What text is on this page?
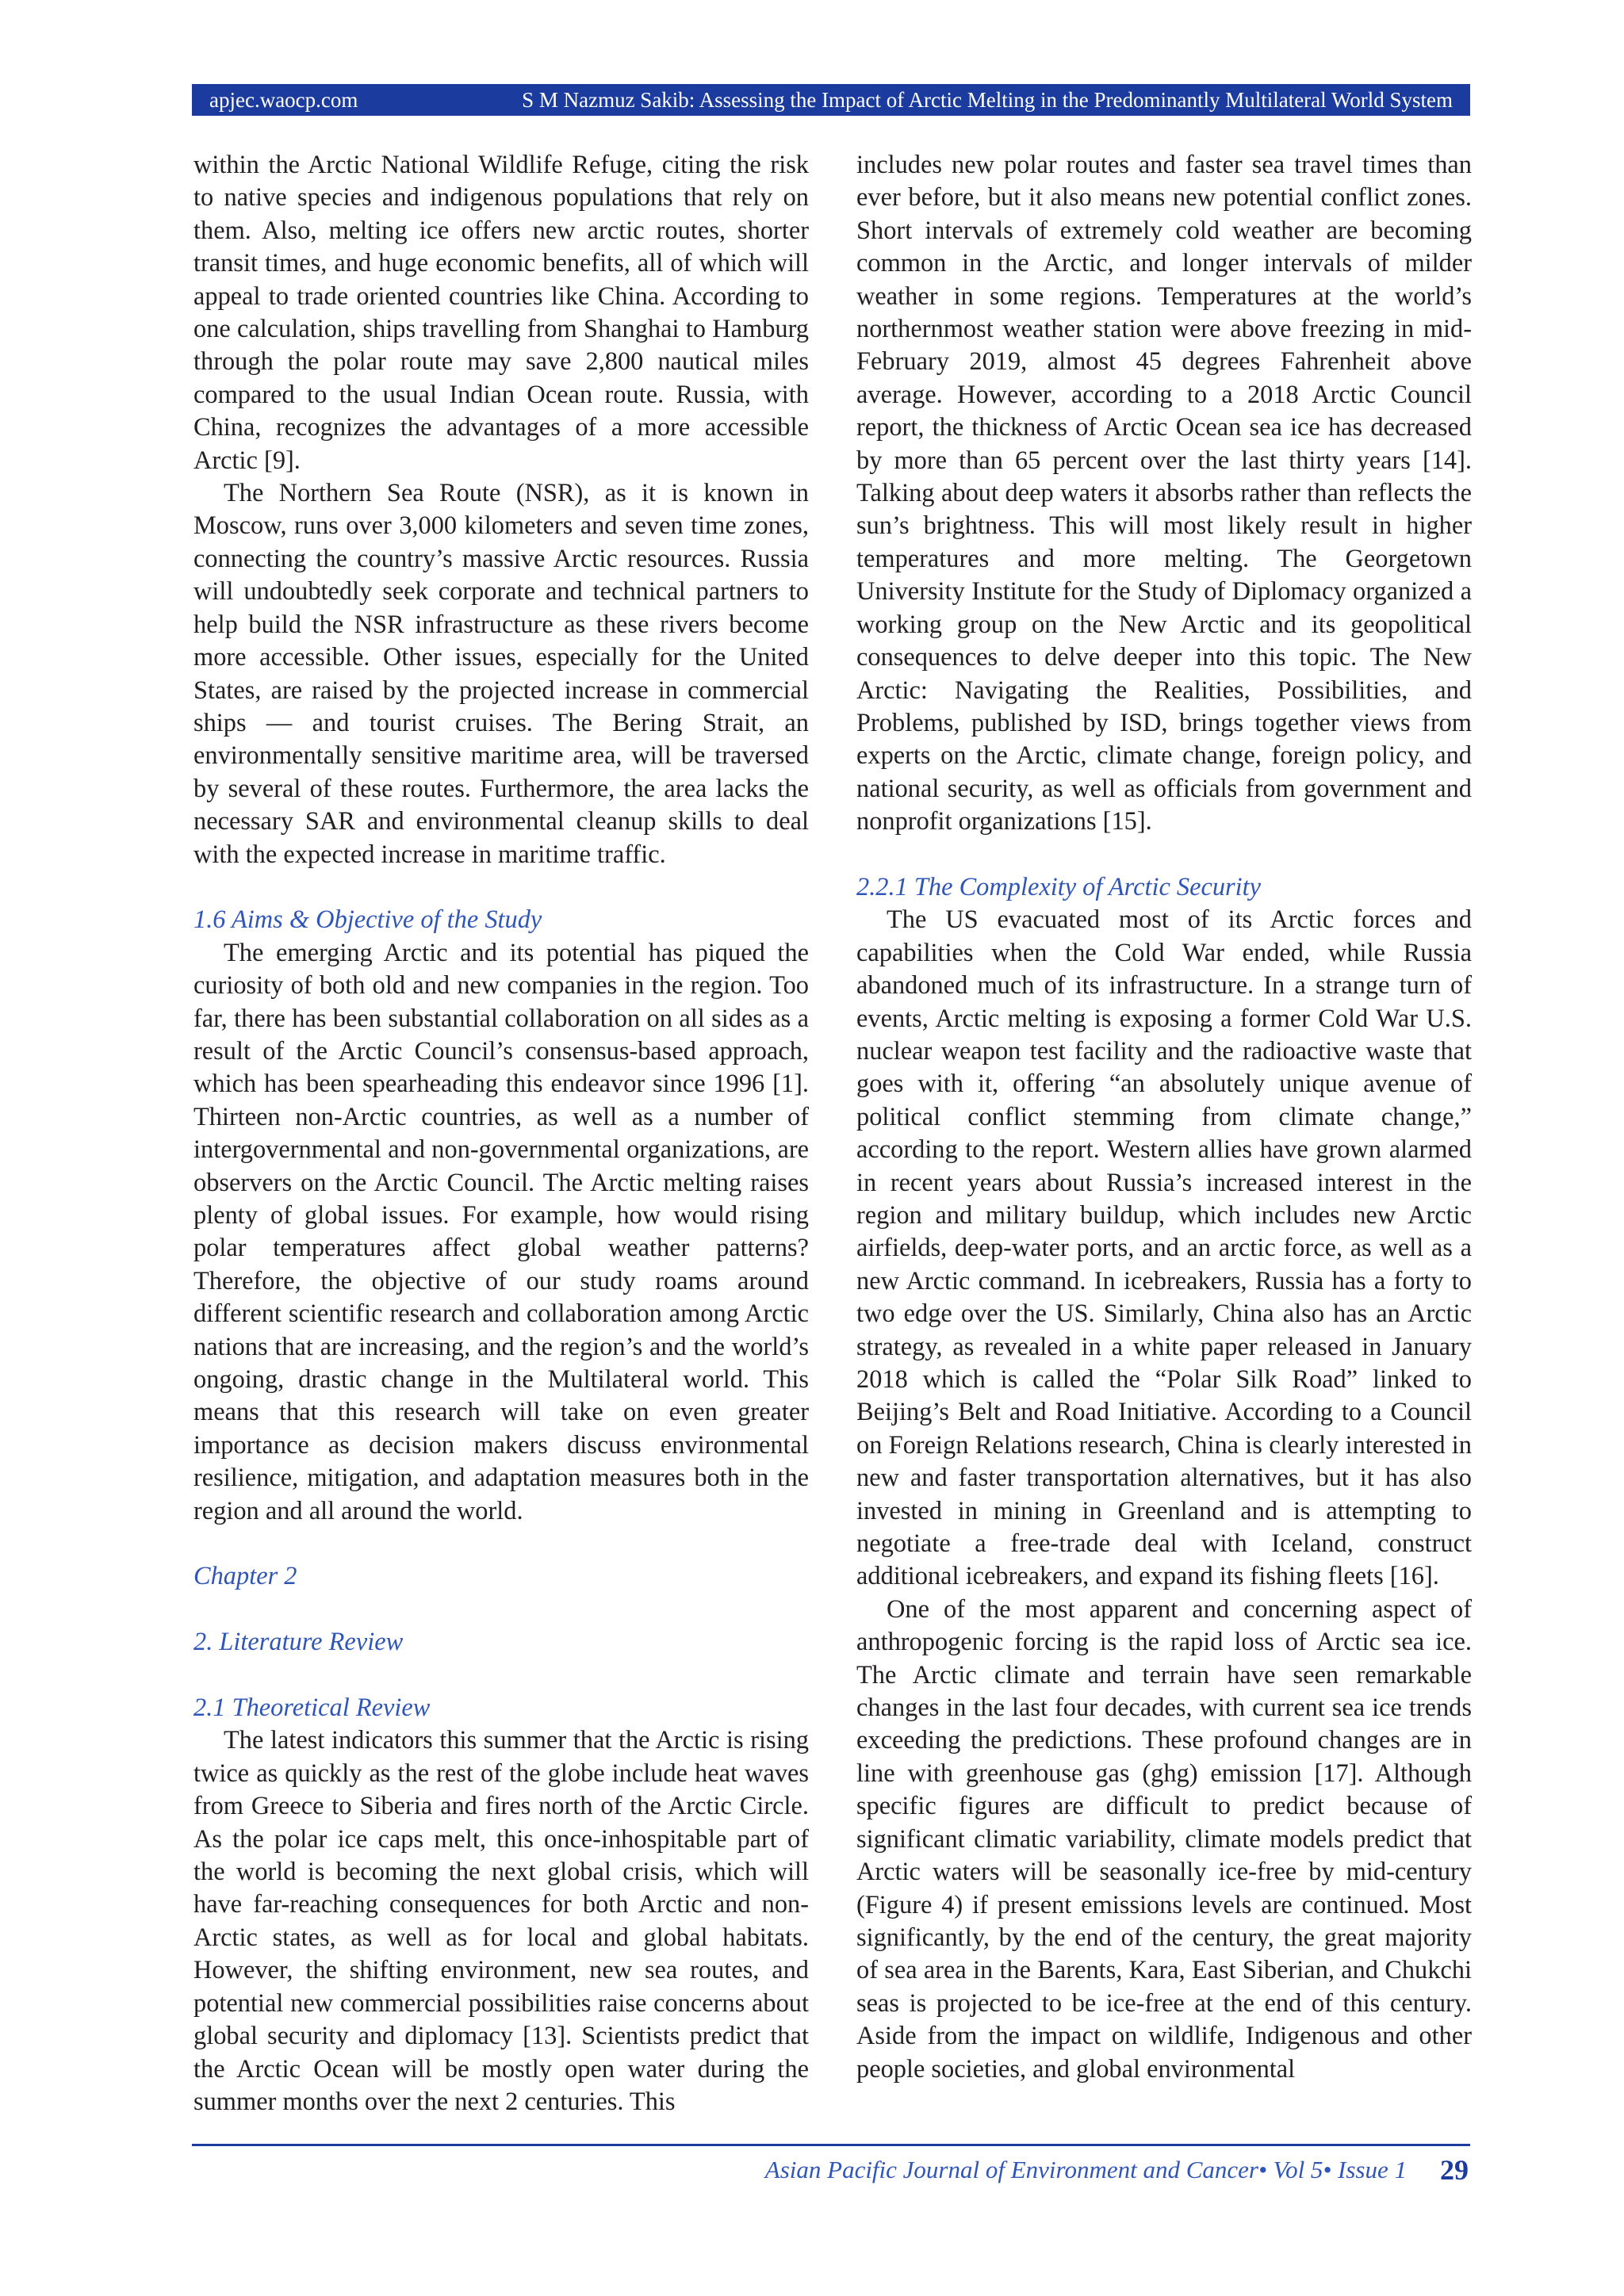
apjec.waocp.com	S M Nazmuz Sakib: Assessing the Impact of Arctic Melting in the Predominantly Multilateral World System

within the Arctic National Wildlife Refuge, citing the risk to native species and indigenous populations that rely on them. Also, melting ice offers new arctic routes, shorter transit times, and huge economic benefits, all of which will appeal to trade oriented countries like China. According to one calculation, ships travelling from Shanghai to Hamburg through the polar route may save 2,800 nautical miles compared to the usual Indian Ocean route. Russia, with China, recognizes the advantages of a more accessible Arctic [9].

The Northern Sea Route (NSR), as it is known in Moscow, runs over 3,000 kilometers and seven time zones, connecting the country’s massive Arctic resources. Russia will undoubtedly seek corporate and technical partners to help build the NSR infrastructure as these rivers become more accessible. Other issues, especially for the United States, are raised by the projected increase in commercial ships — and tourist cruises. The Bering Strait, an environmentally sensitive maritime area, will be traversed by several of these routes. Furthermore, the area lacks the necessary SAR and environmental cleanup skills to deal with the expected increase in maritime traffic.

1.6 Aims & Objective of the Study

The emerging Arctic and its potential has piqued the curiosity of both old and new companies in the region. Too far, there has been substantial collaboration on all sides as a result of the Arctic Council’s consensus-based approach, which has been spearheading this endeavor since 1996 [1]. Thirteen non-Arctic countries, as well as a number of intergovernmental and non-governmental organizations, are observers on the Arctic Council. The Arctic melting raises plenty of global issues. For example, how would rising polar temperatures affect global weather patterns? Therefore, the objective of our study roams around different scientific research and collaboration among Arctic nations that are increasing, and the region’s and the world’s ongoing, drastic change in the Multilateral world. This means that this research will take on even greater importance as decision makers discuss environmental resilience, mitigation, and adaptation measures both in the region and all around the world.

Chapter 2
2. Literature Review
2.1 Theoretical Review

The latest indicators this summer that the Arctic is rising twice as quickly as the rest of the globe include heat waves from Greece to Siberia and fires north of the Arctic Circle. As the polar ice caps melt, this once-inhospitable part of the world is becoming the next global crisis, which will have far-reaching consequences for both Arctic and non-Arctic states, as well as for local and global habitats. However, the shifting environment, new sea routes, and potential new commercial possibilities raise concerns about global security and diplomacy [13]. Scientists predict that the Arctic Ocean will be mostly open water during the summer months over the next 2 centuries. This

includes new polar routes and faster sea travel times than ever before, but it also means new potential conflict zones. Short intervals of extremely cold weather are becoming common in the Arctic, and longer intervals of milder weather in some regions. Temperatures at the world’s northernmost weather station were above freezing in mid-February 2019, almost 45 degrees Fahrenheit above average. However, according to a 2018 Arctic Council report, the thickness of Arctic Ocean sea ice has decreased by more than 65 percent over the last thirty years [14]. Talking about deep waters it absorbs rather than reflects the sun’s brightness. This will most likely result in higher temperatures and more melting. The Georgetown University Institute for the Study of Diplomacy organized a working group on the New Arctic and its geopolitical consequences to delve deeper into this topic. The New Arctic: Navigating the Realities, Possibilities, and Problems, published by ISD, brings together views from experts on the Arctic, climate change, foreign policy, and national security, as well as officials from government and nonprofit organizations [15].

2.2.1 The Complexity of Arctic Security

The US evacuated most of its Arctic forces and capabilities when the Cold War ended, while Russia abandoned much of its infrastructure. In a strange turn of events, Arctic melting is exposing a former Cold War U.S. nuclear weapon test facility and the radioactive waste that goes with it, offering “an absolutely unique avenue of political conflict stemming from climate change,” according to the report. Western allies have grown alarmed in recent years about Russia’s increased interest in the region and military buildup, which includes new Arctic airfields, deep-water ports, and an arctic force, as well as a new Arctic command. In icebreakers, Russia has a forty to two edge over the US. Similarly, China also has an Arctic strategy, as revealed in a white paper released in January 2018 which is called the “Polar Silk Road” linked to Beijing’s Belt and Road Initiative. According to a Council on Foreign Relations research, China is clearly interested in new and faster transportation alternatives, but it has also invested in mining in Greenland and is attempting to negotiate a free-trade deal with Iceland, construct additional icebreakers, and expand its fishing fleets [16].

One of the most apparent and concerning aspect of anthropogenic forcing is the rapid loss of Arctic sea ice. The Arctic climate and terrain have seen remarkable changes in the last four decades, with current sea ice trends exceeding the predictions. These profound changes are in line with greenhouse gas (ghg) emission [17]. Although specific figures are difficult to predict because of significant climatic variability, climate models predict that Arctic waters will be seasonally ice-free by mid-century (Figure 4) if present emissions levels are continued. Most significantly, by the end of the century, the great majority of sea area in the Barents, Kara, East Siberian, and Chukchi seas is projected to be ice-free at the end of this century. Aside from the impact on wildlife, Indigenous and other people societies, and global environmental

Asian Pacific Journal of Environment and Cancer• Vol 5• Issue 1 29
